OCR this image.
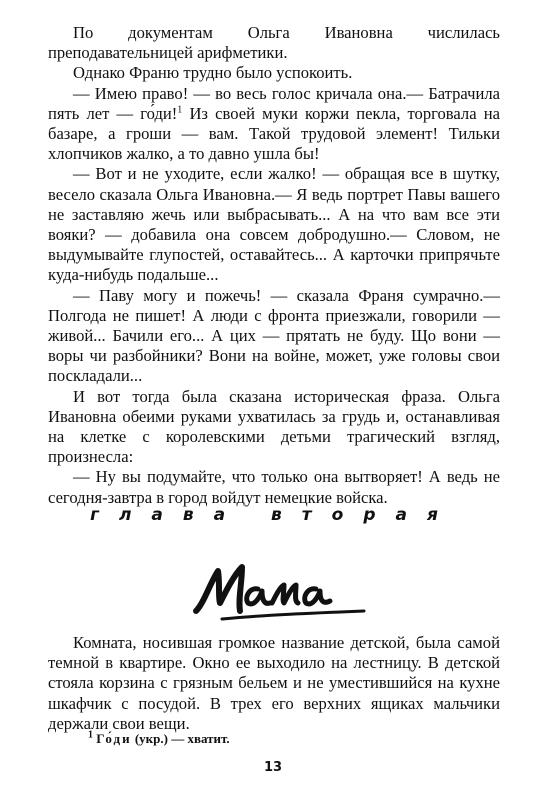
По документам Ольга Ивановна числилась преподавательницей арифметики.

Однако Франю трудно было успокоить.

— Имею право! — во весь голос кричала она.— Батрачила пять лет — го́ди!$^1$ Из своей муки коржи пекла, торговала на базаре, а гроши — вам. Такой трудовой элемент! Тильки хлопчиков жалко, а то давно ушла бы!

— Вот и не уходите, если жалко! — обращая все в шутку, весело сказала Ольга Ивановна.— Я ведь портрет Павы вашего не заставляю жечь или выбрасывать... А на что вам все эти вояки? — добавила она совсем добродушно.— Словом, не выдумывайте глупостей, оставайтесь... А карточки припрячьте куда-нибудь подальше...

— Паву могу и пожечь! — сказала Франя сумрачно.— Полгода не пишет! А люди с фронта приезжали, говорили — живой... Бачили его... А цих — прятать не буду. Що вони — воры чи разбойники? Вони на войне, может, уже головы свои поскладали...

И вот тогда была сказана историческая фраза. Ольга Ивановна обеими руками ухватилась за грудь и, останавливая на клетке с королевскими детьми трагический взгляд, произнесла:

— Ну вы подумайте, что только она вытворяет! А ведь не сегодня-завтра в город войдут немецкие войска.

глава вторая

Комната, носившая громкое название детской, была самой темной в квартире. Окно ее выходило на лестницу. В детской стояла корзина с грязным бельем и не уместившийся на кухне шкафчик с посудой. В трех его верхних ящиках мальчики держали свои вещи.

$^1$ Го́ди (укр.) — хватит.
13
